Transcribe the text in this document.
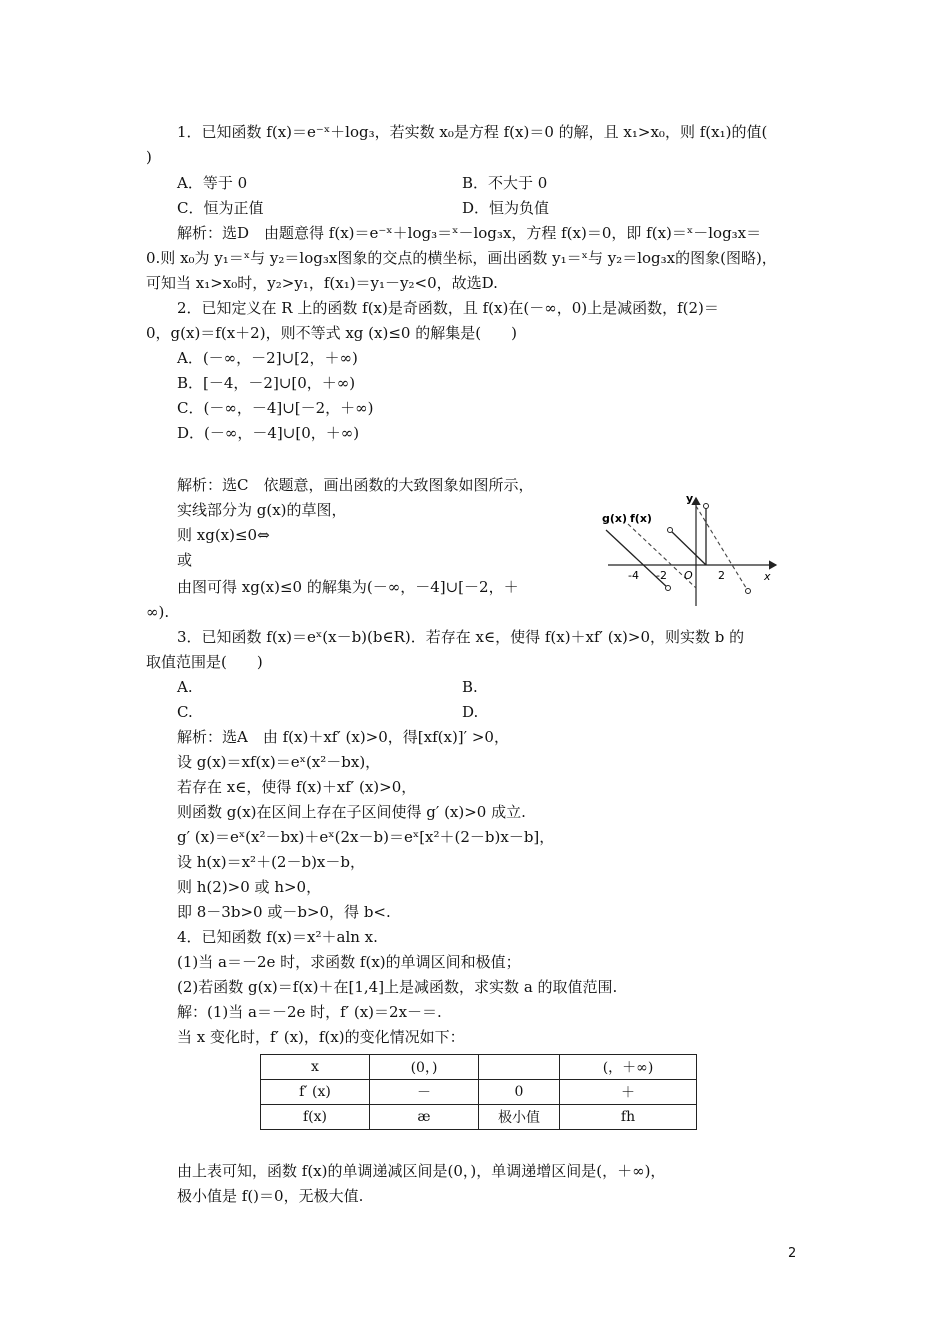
1．已知函数 f(x)＝e⁻ˣ＋log₃，若实数 x₀是方程 f(x)＝0 的解，且 x₁>x₀，则 f(x₁)的值(
)
A．等于 0	B．不大于 0
C．恒为正值	D．恒为负值
解析：选D　由题意得 f(x)＝e⁻ˣ＋log₃＝ˣ－log₃x，方程 f(x)＝0，即 f(x)＝ˣ－log₃x＝
0.则 x₀为 y₁＝ˣ与 y₂＝log₃x图象的交点的横坐标，画出函数 y₁＝ˣ与 y₂＝log₃x的图象(图略)，
可知当 x₁>x₀时，y₂>y₁，f(x₁)＝y₁－y₂<0，故选D.
2．已知定义在 R 上的函数 f(x)是奇函数，且 f(x)在(－∞，0)上是减函数，f(2)＝
0，g(x)＝f(x＋2)，则不等式 xg (x)≤0 的解集是(　　)
A．(－∞，－2]∪[2，＋∞)
B．[－4，－2]∪[0，＋∞)
C．(－∞，－4]∪[－2，＋∞)
D．(－∞，－4]∪[0，＋∞)
解析：选C　依题意，画出函数的大致图象如图所示，
实线部分为 g(x)的草图，
则 xg(x)≤0⇔
或
由图可得 xg(x)≤0 的解集为(－∞，－4]∪[－2，＋
∞).
g(x) f(x)
y
x
O
-4 -2	2
3．已知函数 f(x)＝eˣ(x－b)(b∈R)．若存在 x∈，使得 f(x)＋xf′ (x)>0，则实数 b 的
取值范围是(　　)
A.	B.
C.	D.
解析：选A　由 f(x)＋xf′ (x)>0，得[xf(x)]′ >0，
设 g(x)＝xf(x)＝eˣ(x²－bx)，
若存在 x∈，使得 f(x)＋xf′ (x)>0，
则函数 g(x)在区间上存在子区间使得 g′ (x)>0 成立.
g′ (x)＝eˣ(x²－bx)＋eˣ(2x－b)＝eˣ[x²＋(2－b)x－b]，
设 h(x)＝x²＋(2－b)x－b，
则 h(2)>0 或 h>0，
即 8－3b>0 或－b>0，得 b<.
4．已知函数 f(x)＝x²＋aln x.
(1)当 a＝－2e 时，求函数 f(x)的单调区间和极值；
(2)若函数 g(x)＝f(x)＋在[1,4]上是减函数，求实数 a 的取值范围.
解：(1)当 a＝－2e 时，f′ (x)＝2x－＝.
当 x 变化时，f′ (x)，f(x)的变化情况如下：
x	(0，)		(，＋∞)
f′ (x)	－	0	＋
f(x)	æ	极小值	fh
由上表可知，函数 f(x)的单调递减区间是(0，)，单调递增区间是(，＋∞)，
极小值是 f()＝0，无极大值.
2
